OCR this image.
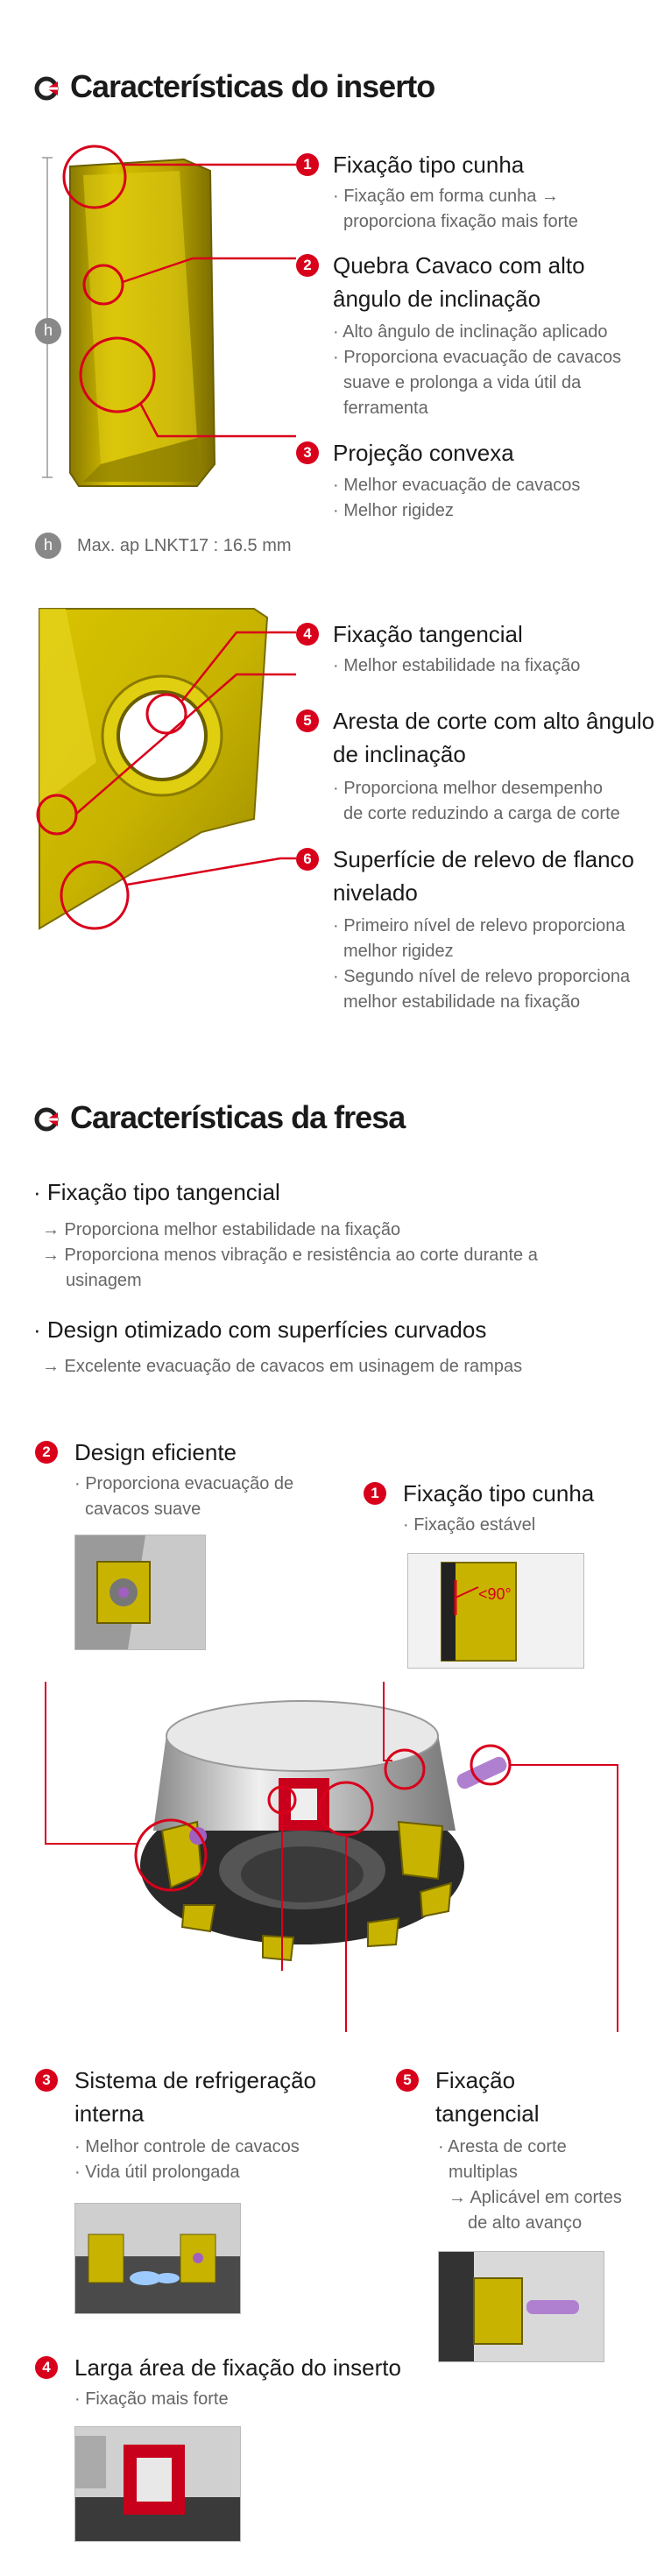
Características do inserto
h
1 Fixação tipo cunha
· Fixação em forma cunha →
proporciona fixação mais forte
2 Quebra Cavaco com alto
ângulo de inclinação
· Alto ângulo de inclinação aplicado
· Proporciona evacuação de cavacos
suave e prolonga a vida útil da
ferramenta
3 Projeção convexa
· Melhor evacuação de cavacos
· Melhor rigidez
h	Max. ap LNKT17 : 16.5 mm
4 Fixação tangencial
· Melhor estabilidade na fixação
5 Aresta de corte com alto ângulo
de inclinação
· Proporciona melhor desempenho
de corte reduzindo a carga de corte
6 Superfície de relevo de flanco
nivelado
· Primeiro nível de relevo proporciona
melhor rigidez
· Segundo nível de relevo proporciona
melhor estabilidade na fixação
Características da fresa
· Fixação tipo tangencial
→ Proporciona melhor estabilidade na fixação
→ Proporciona menos vibração e resistência ao corte durante a
usinagem
· Design otimizado com superfícies curvados
→ Excelente evacuação de cavacos em usinagem de rampas
2	Design eficiente
· Proporciona evacuação de
cavacos suave
1	Fixação tipo cunha
· Fixação estável
<90°
3	Sistema de refrigeração
interna
· Melhor controle de cavacos
· Vida útil prolongada
5	Fixação
tangencial
· Aresta de corte
multiplas
→ Aplicável em cortes
de alto avanço
4	Larga área de fixação do inserto
· Fixação mais forte
